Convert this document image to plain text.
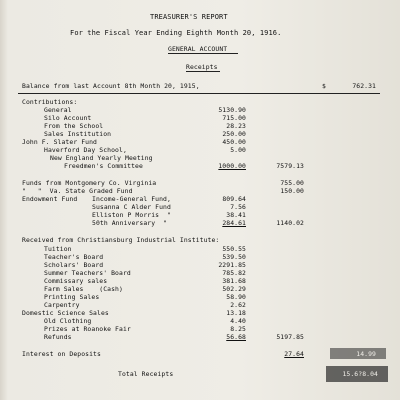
TREASURER'S REPORT
For the Fiscal Year Ending Eighth Month 20, 1916.
GENERAL ACCOUNT
Receipts
Balance from last Account 8th Month 20, 1915,	$	762.31
Contributions:
General	5130.90
Silo Account	715.00
From the School	28.23
Sales Institution	250.00
John F. Slater Fund	450.00
Haverford Day School,	5.00
New England Yearly Meeting
Freedmen's Committee	1000.00	7579.13
Funds from Montgomery Co. Virginia	755.00
"   "  Va. State Graded Fund	150.00
Endowment Fund Income-General Fund,	809.64
Susanna C Alder Fund	7.56
Elliston P Morris  "	38.41
50th Anniversary  "	284.61	1140.02
Received from Christiansburg Industrial Institute:
Tuition	550.55
Teacher's Board	539.50
Scholars' Board	2291.85
Summer Teachers' Board	785.82
Commissary sales	381.68
Farm Sales    (Cash)	502.29
Printing Sales	58.90
Carpentry	2.62
Domestic Science Sales	13.18
Old Clothing	4.40
Prizes at Roanoke Fair	8.25
Refunds	56.68	5197.85
Interest on Deposits	27.64	14.99
Total Receipts	15.6?8.04
